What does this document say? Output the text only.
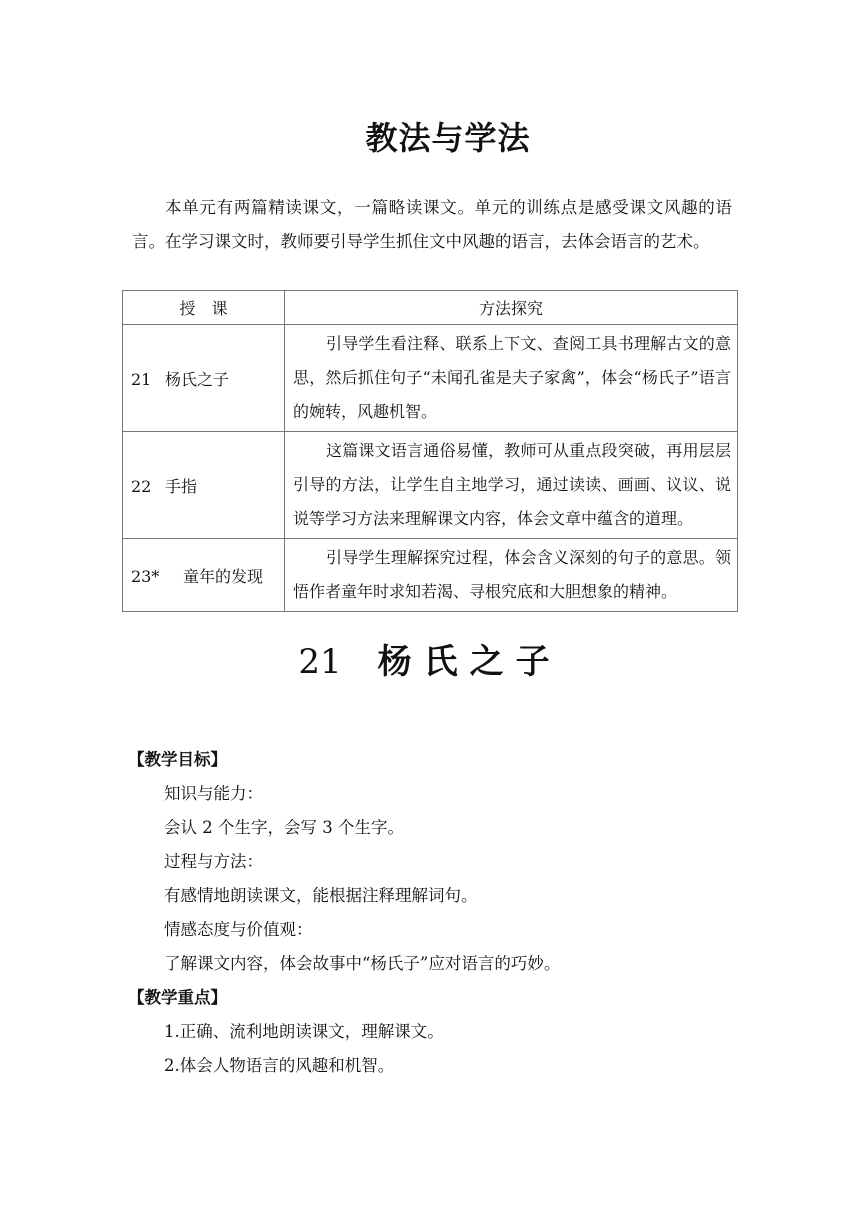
教法与学法

本单元有两篇精读课文，一篇略读课文。单元的训练点是感受课文风趣的语言。在学习课文时，教师要引导学生抓住文中风趣的语言，去体会语言的艺术。

授　课	方法探究
21 杨氏之子	引导学生看注释、联系上下文、查阅工具书理解古文的意思，然后抓住句子“未闻孔雀是夫子家禽”，体会“杨氏子”语言的婉转，风趣机智。
22 手指	这篇课文语言通俗易懂，教师可从重点段突破，再用层层引导的方法，让学生自主地学习，通过读读、画画、议议、说说等学习方法来理解课文内容，体会文章中蕴含的道理。
23* 童年的发现	引导学生理解探究过程，体会含义深刻的句子的意思。领悟作者童年时求知若渴、寻根究底和大胆想象的精神。
21 杨氏之子

【教学目标】

知识与能力：

会认 2 个生字，会写 3 个生字。

过程与方法：

有感情地朗读课文，能根据注释理解词句。

情感态度与价值观：

了解课文内容，体会故事中“杨氏子”应对语言的巧妙。

【教学重点】

1.正确、流利地朗读课文，理解课文。

2.体会人物语言的风趣和机智。
